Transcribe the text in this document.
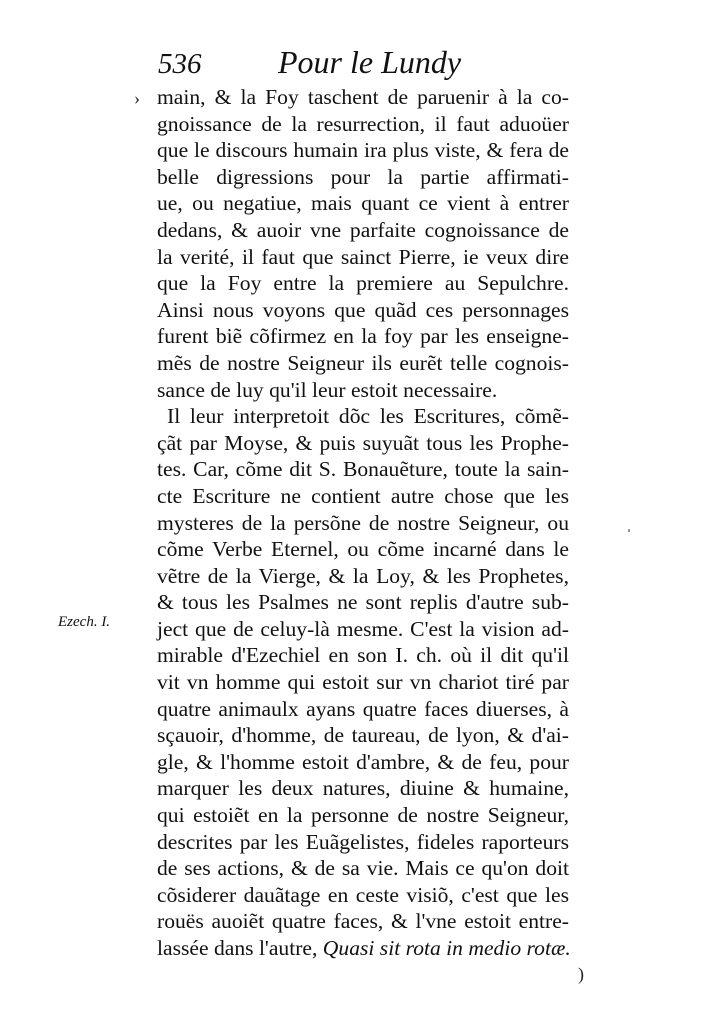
536 Pour le Lundy
›
Ezech. I.
main, & la Foy taschent de paruenir à la co-
gnoissance de la resurrection, il faut aduoüer
que le discours humain ira plus viste, & fera de
belle digressions pour la partie affirmati-
ue, ou negatiue, mais quant ce vient à entrer
dedans, & auoir vne parfaite cognoissance de
la verité, il faut que sainct Pierre, ie veux dire
que la Foy entre la premiere au Sepulchre.
Ainsi nous voyons que quãd ces personnages
furent biẽ cõfirmez en la foy par les enseigne-
mẽs de nostre Seigneur ils eurẽt telle cognois-
sance de luy qu'il leur estoit necessaire.
Il leur interpretoit dõc les Escritures, cõmẽ-
çãt par Moyse, & puis suyuãt tous les Prophe-
tes. Car, cõme dit S. Bonauẽture, toute la sain-
cte Escriture ne contient autre chose que les
mysteres de la persõne de nostre Seigneur, ou
cõme Verbe Eternel, ou cõme incarné dans le
vẽtre de la Vierge, & la Loy, & les Prophetes,
& tous les Psalmes ne sont replis d'autre sub-
ject que de celuy-là mesme. C'est la vision ad-
mirable d'Ezechiel en son I. ch. où il dit qu'il
vit vn homme qui estoit sur vn chariot tiré par
quatre animaulx ayans quatre faces diuerses, à
sçauoir, d'homme, de taureau, de lyon, & d'ai-
gle, & l'homme estoit d'ambre, & de feu, pour
marquer les deux natures, diuine & humaine,
qui estoiẽt en la personne de nostre Seigneur,
descrites par les Euãgelistes, fideles raporteurs
de ses actions, & de sa vie. Mais ce qu'on doit
cõsiderer dauãtage en ceste visiõ, c'est que les
rouës auoiẽt quatre faces, & l'vne estoit entre-
lassée dans l'autre, Quasi sit rota in medio rotæ.
ˌ
)
